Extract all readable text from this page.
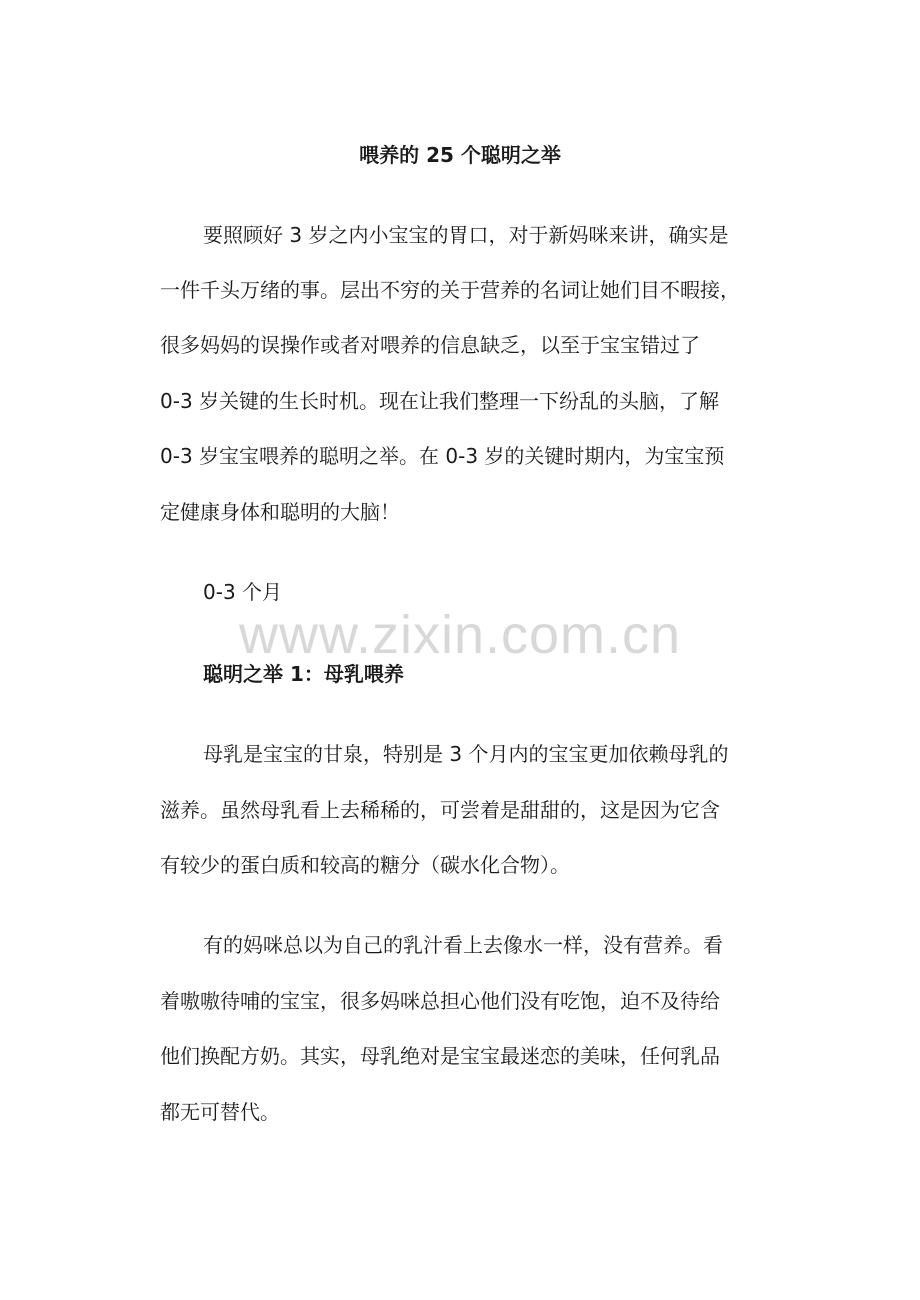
喂养的 25 个聪明之举
要照顾好 3 岁之内小宝宝的胃口，对于新妈咪来讲，确实是
一件千头万绪的事。层出不穷的关于营养的名词让她们目不暇接，
很多妈妈的误操作或者对喂养的信息缺乏，以至于宝宝错过了
0-3 岁关键的生长时机。现在让我们整理一下纷乱的头脑，了解
0-3 岁宝宝喂养的聪明之举。在 0-3 岁的关键时期内，为宝宝预
定健康身体和聪明的大脑！
0-3 个月
www.zixin.com.cn
聪明之举 1：母乳喂养
母乳是宝宝的甘泉，特别是 3 个月内的宝宝更加依赖母乳的
滋养。虽然母乳看上去稀稀的，可尝着是甜甜的，这是因为它含
有较少的蛋白质和较高的糖分（碳水化合物）。
有的妈咪总以为自己的乳汁看上去像水一样，没有营养。看
着嗷嗷待哺的宝宝，很多妈咪总担心他们没有吃饱，迫不及待给
他们换配方奶。其实，母乳绝对是宝宝最迷恋的美味，任何乳品
都无可替代。
